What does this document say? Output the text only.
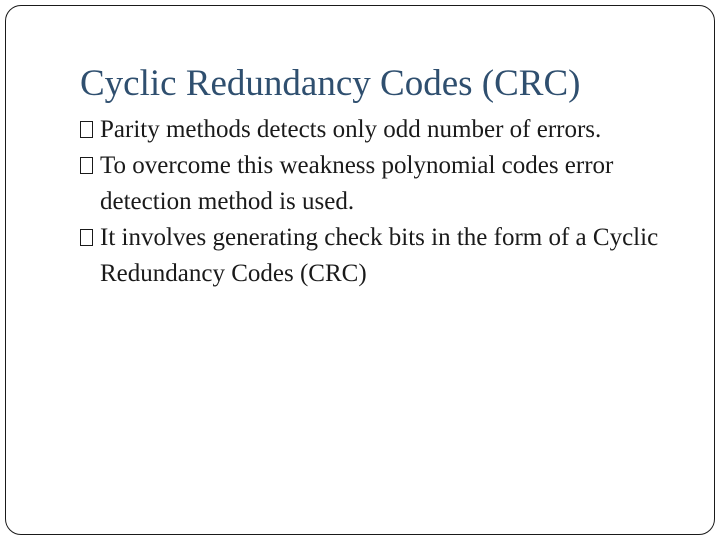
Cyclic Redundancy Codes (CRC)
Parity methods detects only odd number of errors.
To overcome this weakness polynomial codes error detection method is used.
It involves generating check bits in the form of a Cyclic Redundancy Codes (CRC)
